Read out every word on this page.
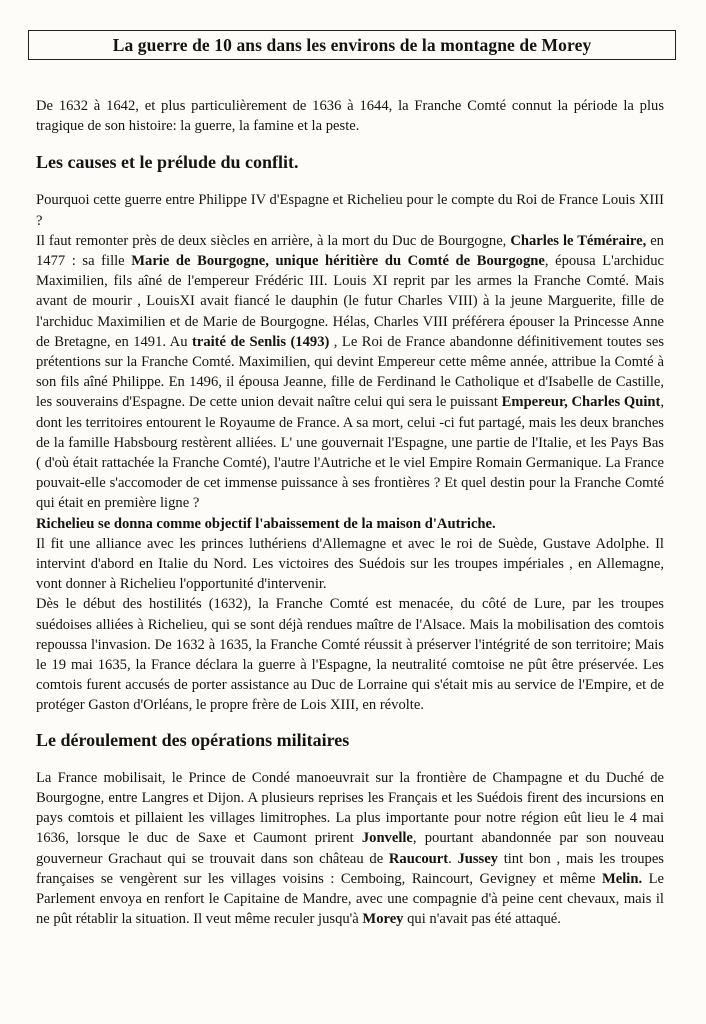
La guerre de 10 ans dans les environs de la montagne de Morey

De 1632 à 1642, et plus particulièrement de 1636 à 1644, la Franche Comté connut la période la plus tragique de son histoire: la guerre, la famine et la peste.

Les causes et le prélude du conflit.

Pourquoi cette guerre entre Philippe IV d'Espagne et Richelieu pour le compte du Roi de France Louis XIII ?

Il faut remonter près de deux siècles en arrière, à la mort du Duc de Bourgogne, Charles le Téméraire, en 1477 : sa fille Marie de Bourgogne, unique héritière du Comté de Bourgogne, épousa L'archiduc Maximilien, fils aîné de l'empereur Frédéric III. Louis XI reprit par les armes la Franche Comté. Mais avant de mourir , LouisXI avait fiancé le dauphin (le futur Charles VIII) à la jeune Marguerite, fille de l'archiduc Maximilien et de Marie de Bourgogne. Hélas, Charles VIII préférera épouser la Princesse Anne de Bretagne, en 1491. Au traité de Senlis (1493) , Le Roi de France abandonne définitivement toutes ses prétentions sur la Franche Comté. Maximilien, qui devint Empereur cette même année, attribue la Comté à son fils aîné Philippe. En 1496, il épousa Jeanne, fille de Ferdinand le Catholique et d'Isabelle de Castille, les souverains d'Espagne. De cette union devait naître celui qui sera le puissant Empereur, Charles Quint, dont les territoires entourent le Royaume de France. A sa mort, celui -ci fut partagé, mais les deux branches de la famille Habsbourg restèrent alliées. L' une gouvernait l'Espagne, une partie de l'Italie, et les Pays Bas ( d'où était rattachée la Franche Comté), l'autre l'Autriche et le viel Empire Romain Germanique. La France pouvait-elle s'accomoder de cet immense puissance à ses frontières ? Et quel destin pour la Franche Comté qui était en première ligne ?

Richelieu se donna comme objectif l'abaissement de la maison d'Autriche.

Il fit une alliance avec les princes luthériens d'Allemagne et avec le roi de Suède, Gustave Adolphe. Il intervint d'abord en Italie du Nord. Les victoires des Suédois sur les troupes impériales , en Allemagne, vont donner à Richelieu l'opportunité d'intervenir.

Dès le début des hostilités (1632), la Franche Comté est menacée, du côté de Lure, par les troupes suédoises alliées à Richelieu, qui se sont déjà rendues maître de l'Alsace. Mais la mobilisation des comtois repoussa l'invasion. De 1632 à 1635, la Franche Comté réussit à préserver l'intégrité de son territoire; Mais le 19 mai 1635, la France déclara la guerre à l'Espagne, la neutralité comtoise ne pût être préservée. Les comtois furent accusés de porter assistance au Duc de Lorraine qui s'était mis au service de l'Empire, et de protéger Gaston d'Orléans, le propre frère de Lois XIII, en révolte.

Le déroulement des opérations militaires

La France mobilisait, le Prince de Condé manoeuvrait sur la frontière de Champagne et du Duché de Bourgogne, entre Langres et Dijon. A plusieurs reprises les Français et les Suédois firent des incursions en pays comtois et pillaient les villages limitrophes. La plus importante pour notre région eût lieu le 4 mai 1636, lorsque le duc de Saxe et Caumont prirent Jonvelle, pourtant abandonnée par son nouveau gouverneur Grachaut qui se trouvait dans son château de Raucourt. Jussey tint bon , mais les troupes françaises se vengèrent sur les villages voisins : Cemboing, Raincourt, Gevigney et même Melin. Le Parlement envoya en renfort le Capitaine de Mandre, avec une compagnie d'à peine cent chevaux, mais il ne pût rétablir la situation. Il veut même reculer jusqu'à Morey qui n'avait pas été attaqué.
